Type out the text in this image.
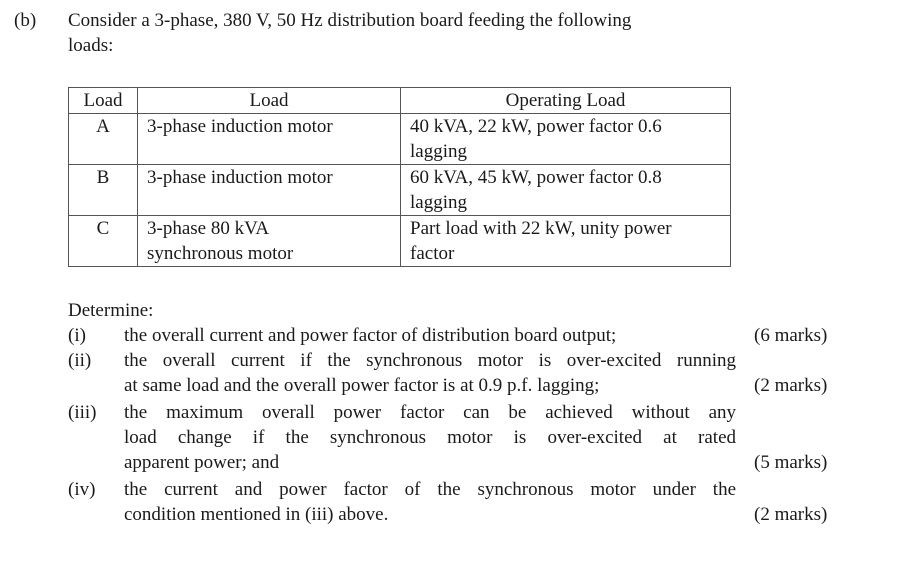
(b) Consider a 3-phase, 380 V, 50 Hz distribution board feeding the following
loads:
Load	Load	Operating Load
A	3-phase induction motor	40 kVA, 22 kW, power factor 0.6
lagging

B	3-phase induction motor	60 kVA, 45 kW, power factor 0.8
lagging

C	3-phase 80 kVA
synchronous motor	Part load with 22 kW, unity power
factor
Determine:
(i) the overall current and power factor of distribution board output;	(6 marks)
(ii) the overall current if the synchronous motor is over-excited running
at same load and the overall power factor is at 0.9 p.f. lagging;	(2 marks)
(iii) the maximum overall power factor can be achieved without any
load change if the synchronous motor is over-excited at rated
apparent power; and	(5 marks)
(iv) the current and power factor of the synchronous motor under the
condition mentioned in (iii) above.	(2 marks)
